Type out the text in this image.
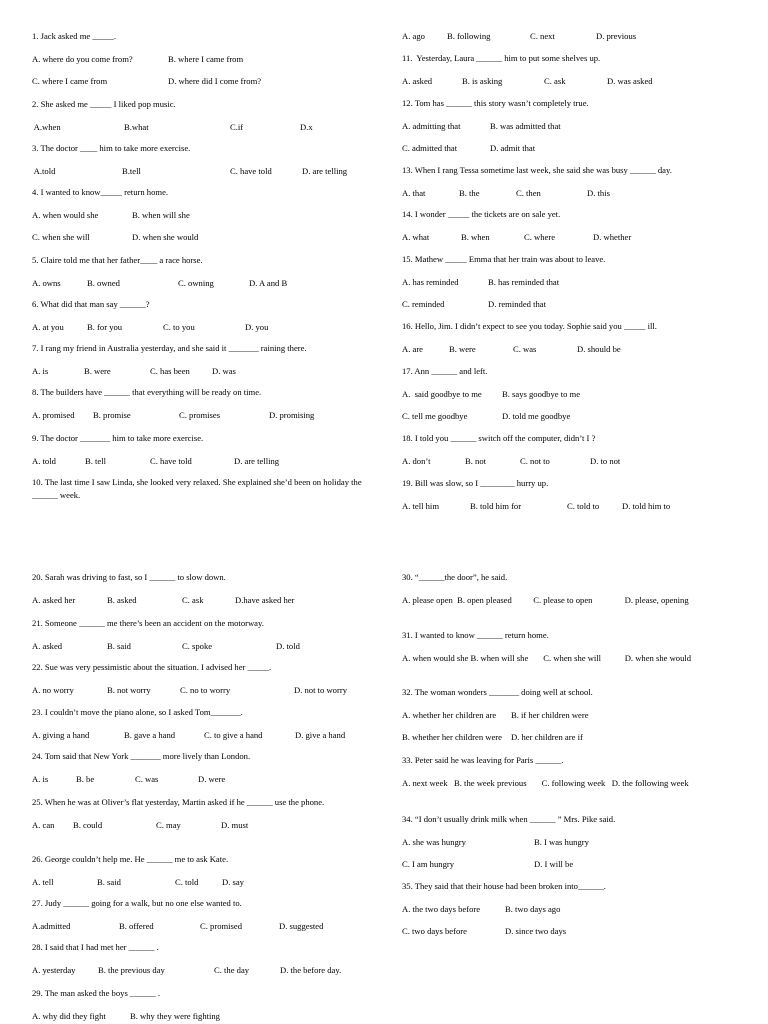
1. Jack asked me _____.
A. where do you come from?	B. where I came from
C. where I came from	D. where did I come from?
2. She asked me _____ I liked pop music.
A.when	B.what	C.if	D.x
3. The doctor ____ him to take more exercise.
A.told	B.tell	C. have told	D. are telling
4. I wanted to know_____ return home.
A. when would she	B. when will she
C. when she will	D. when she would
5. Claire told me that her father____ a race horse.
A. owns	B. owned	C. owning	D. A and B
6. What did that man say ______?
A. at you	B. for you	C. to you	D. you
7. I rang my friend in Australia yesterday, and she said it _______ raining there.
A. is	B. were	C. has been	D. was
8. The builders have ______ that everything will be ready on time.
A. promised B. promise	C. promises	D. promising
9. The doctor _______ him to take more exercise.
A. told	B. tell	C. have told	D. are telling
10. The last time I saw Linda, she looked very relaxed. She explained she’d been on holiday the ______ week.
20. Sarah was driving to fast, so I ______ to slow down.
A. asked her	B. asked	C. ask	D.have asked her
21. Someone ______ me there’s been an accident on the motorway.
A. asked	B. said	C. spoke	D. told
22. Sue was very pessimistic about the situation. I advised her _____.
A. no worry	B. not worry	C. no to worry	D. not to worry
23. I couldn’t move the piano alone, so I asked Tom_______.
A. giving a hand	B. gave a hand	C. to give a hand	D. give a hand
24. Tom said that New York _______ more lively than London.
A. is	B. be	C. was	D. were
25. When he was at Oliver’s flat yesterday, Martin asked if he ______ use the phone.
A. can B. could	C. may	D. must
26. George couldn’t help me. He ______ me to ask Kate.
A. tell	B. said	C. told	D. say
27. Judy ______ going for a walk, but no one else wanted to.
A.admitted	B. offered	C. promised	D. suggested
28. I said that I had met her ______ .
A. yesterday	B. the previous day	C. the day	D. the before day.
29. The man asked the boys ______ .
A. why did they fight	B. why they were fighting
A. ago	B. following	C. next	D. previous
11.  Yesterday, Laura ______ him to put some shelves up.
A. asked	B. is asking	C. ask	D. was asked
12. Tom has ______ this story wasn’t completely true.
A. admitting that	B. was admitted that
C. admitted that	D. admit that
13. When I rang Tessa sometime last week, she said she was busy ______ day.
A. that	B. the	C. then	D. this
14. I wonder _____ the tickets are on sale yet.
A. what	B. when	C. where	D. whether
15. Mathew _____ Emma that her train was about to leave.
A. has reminded	B. has reminded that
C. reminded	D. reminded that
16. Hello, Jim. I didn’t expect to see you today. Sophie said you _____ ill.
A. are	B. were	C. was	D. should be
17. Ann ______ and left.
A.  said goodbye to me B. says goodbye to me
C. tell me goodbye	D. told me goodbye
18. I told you ______ switch off the computer, didn’t I ?
A. don’t	B. not	C. not to	D. to not
19. Bill was slow, so I ________ hurry up.
A. tell him	B. told him for	C. told to	D. told him to
30. “______the door”, he said.
A. please open  B. open pleased          C. please to open               D. please, opening
31. I wanted to know ______ return home.
A. when would she B. when will she       C. when she will           D. when she would
32. The woman wonders _______ doing well at school.
A. whether her children are B. if her children were
B. whether her children were D. her children are if
33. Peter said he was leaving for Paris ______.
A. next week   B. the week previous       C. following week   D. the following week
34. “I don’t usually drink milk when ______ ” Mrs. Pike said.
A. she was hungry	B. I was hungry
C. I am hungry	D. I will be
35. They said that their house had been broken into______.
A. the two days before	B. two days ago
C. two days before	D. since two days
